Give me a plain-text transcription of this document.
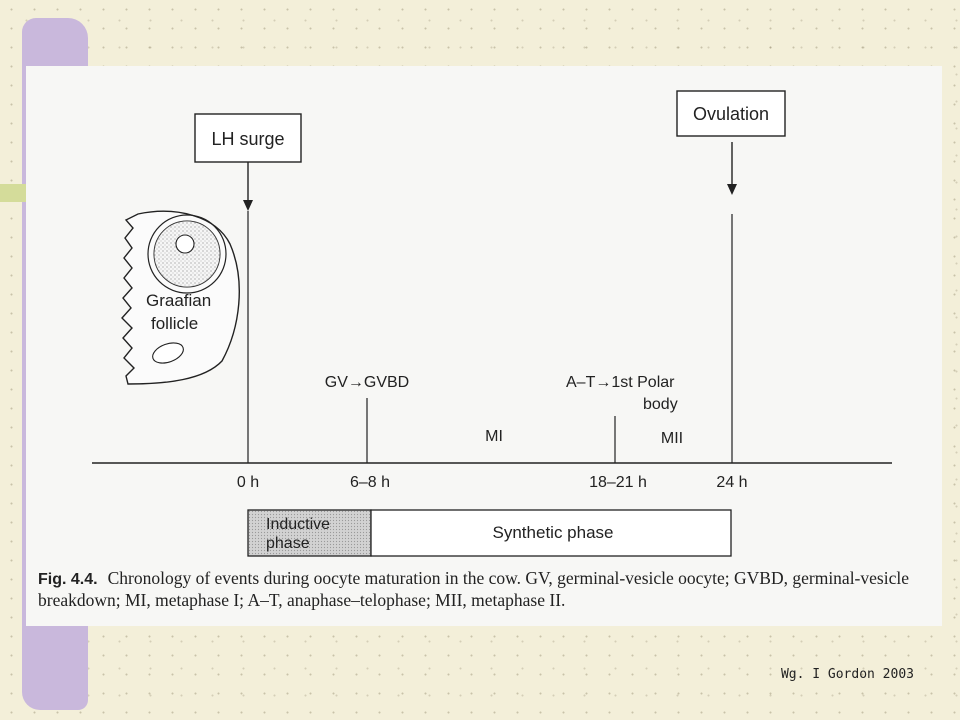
LH surge
Ovulation
Graafian
follicle
GV→GVBD	A–T→1st Polar
body
MI	MII
0 h	6–8 h	18–21 h	24 h
Inductive
phase
Synthetic phase
Fig. 4.4. Chronology of events during oocyte maturation in the cow. GV, germinal-vesicle oocyte; GVBD, germinal-vesicle breakdown; MI, metaphase I; A–T, anaphase–telophase; MII, metaphase II.
Wg. I Gordon 2003
